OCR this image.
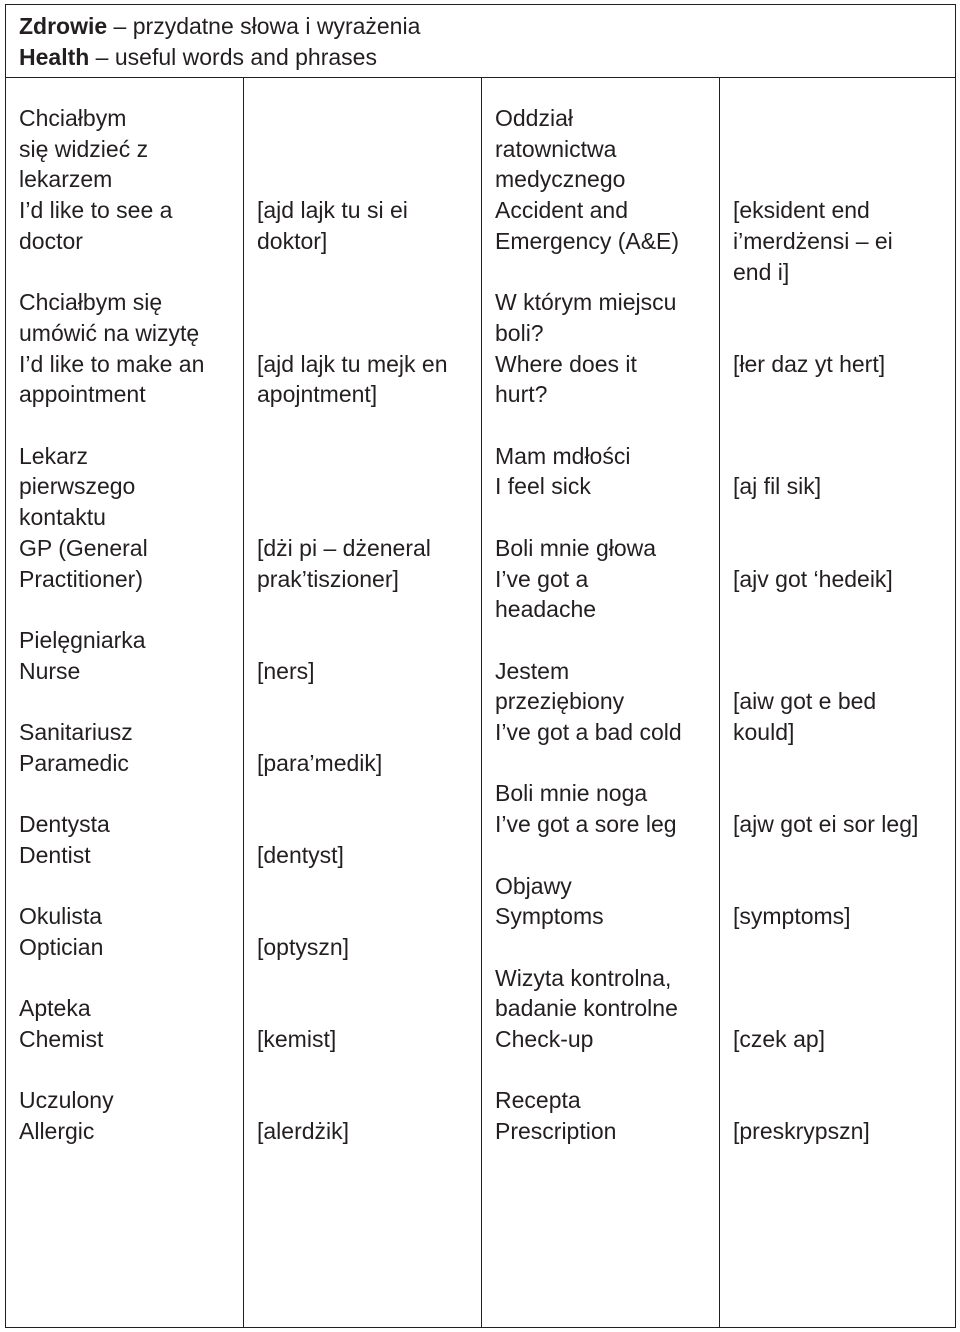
Zdrowie – przydatne słowa i wyrażenia
Health – useful words and phrases
Chciałbym
się widzieć z
lekarzem
I’d like to see a
doctor
Chciałbym się
umówić na wizytę
I’d like to make an
appointment
Lekarz
pierwszego
kontaktu
GP (General
Practitioner)
Pielęgniarka
Nurse
Sanitariusz
Paramedic
Dentysta
Dentist
Okulista
Optician
Apteka
Chemist
Uczulony
Allergic
[ajd lajk tu si ei
doktor]
[ajd lajk tu mejk en
apojntment]
[dżi pi – dżeneral
prak’tiszioner]
[ners]
[para’medik]
[dentyst]
[optyszn]
[kemist]
[alerdżik]
Oddział
ratownictwa
medycznego
Accident and
Emergency (A&E)
W którym miejscu
boli?
Where does it
hurt?
Mam mdłości
I feel sick
Boli mnie głowa
I’ve got a
headache
Jestem
przeziębiony
I’ve got a bad cold
Boli mnie noga
I’ve got a sore leg
Objawy
Symptoms
Wizyta kontrolna,
badanie kontrolne
Check-up
Recepta
Prescription
[eksident end
i’merdżensi – ei
end i]
[łer daz yt hert]
[aj fil sik]
[ajv got ‘hedeik]
[aiw got e bed
kould]
[ajw got ei sor leg]
[symptoms]
[czek ap]
[preskrypszn]
